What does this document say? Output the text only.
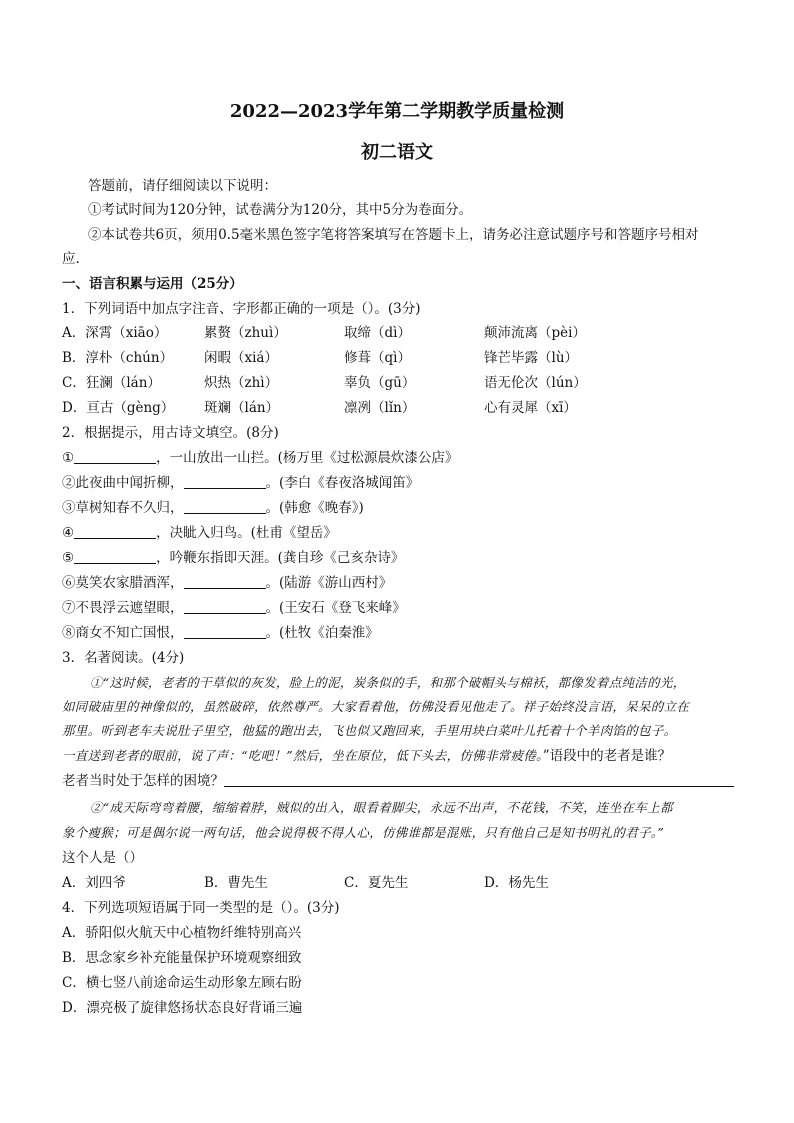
2022—2023学年第二学期教学质量检测
初二语文
答题前，请仔细阅读以下说明：
①考试时间为120分钟，试卷满分为120分，其中5分为卷面分。
②本试卷共6页，须用0.5毫米黑色签字笔将答案填写在答题卡上，请务必注意试题序号和答题序号相对
应.
一、语言积累与运用（25分）
1．下列词语中加点字注音、字形都正确的一项是（）。(3分)
A．深霄（xiāo）	累赘（zhuì）	取缔（dì）	颠沛流离（pèi）
B．淳朴（chún） 闲暇（xiá）	修葺（qì）	锋芒毕露（lù）
C．狂澜（lán）	炽热（zhì）	辜负（gū）	语无伦次（lún）
D．亘古（gèng） 斑斓（lán）	凛冽（lǐn）	心有灵犀（xī）
2．根据提示，用古诗文填空。(8分)
①	，一山放出一山拦。(杨万里《过松源晨炊漆公店》
②此夜曲中闻折柳，	。(李白《春夜洛城闻笛》
③草树知春不久归，	。(韩愈《晚春》)
④	，决眦入归鸟。(杜甫《望岳》
⑤	，吟鞭东指即天涯。(龚自珍《己亥杂诗》
⑥莫笑农家腊酒浑，	。(陆游《游山西村》
⑦不畏浮云遮望眼，	。(王安石《登飞来峰》
⑧商女不知亡国恨，	。(杜牧《泊秦淮》
3．名著阅读。(4分)
①“这时候，老者的干草似的灰发，脸上的泥，炭条似的手，和那个破帽头与棉袄，都像发着点纯洁的光，
如同破庙里的神像似的，虽然破碎，依然尊严。大家看着他，仿佛没看见他走了。祥子始终没言语，呆呆的立在
那里。听到老车夫说肚子里空，他猛的跑出去，飞也似又跑回来，手里用块白菜叶儿托着十个羊肉馅的包子。
一直送到老者的眼前，说了声：“吃吧！”然后，坐在原位，低下头去，仿佛非常疲倦。”语段中的老者是谁？
老者当时处于怎样的困境？
②“成天际弯弯着腰，缩缩着脖，贼似的出入，眼看着脚尖，永远不出声，不花钱，不笑，连坐在车上都
象个瘦猴；可是偶尔说一两句话，他会说得极不得人心，仿佛谁都是混账，只有他自己是知书明礼的君子。”
这个人是（）
A．刘四爷	B．曹先生	C．夏先生	D．杨先生
4．下列选项短语属于同一类型的是（）。(3分)
A．骄阳似火航天中心植物纤维特别高兴
B．思念家乡补充能量保护环境观察细致
C．横七竖八前途命运生动形象左顾右盼
D．漂亮极了旋律悠扬状态良好背诵三遍
